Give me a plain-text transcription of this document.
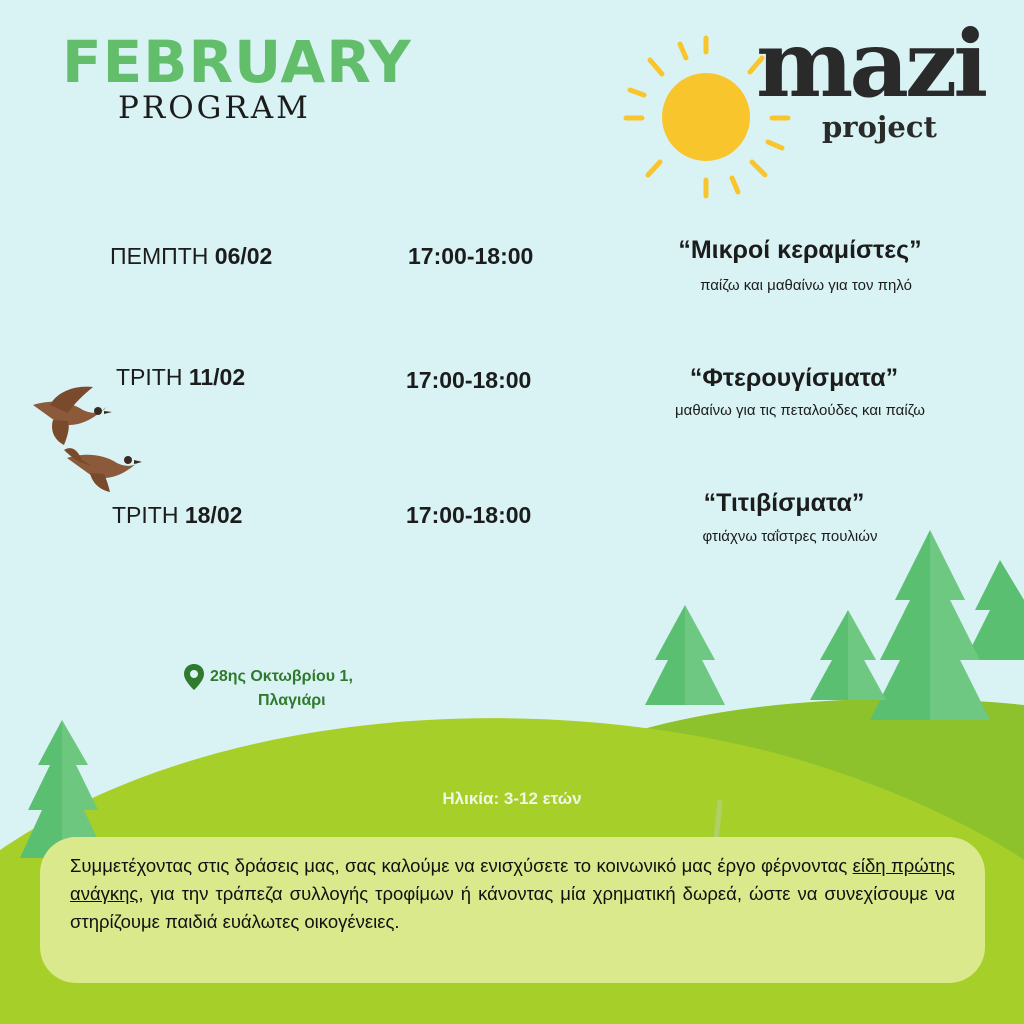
FEBRUARY
PROGRAM	mazi
project
ΠΕΜΠΤΗ 06/02	17:00-18:00	“Μικροί κεραμίστες”
παίζω και μαθαίνω για τον πηλό
ΤΡΙΤΗ 11/02	17:00-18:00	“Φτερουγίσματα”
μαθαίνω για τις πεταλούδες και παίζω
ΤΡΙΤΗ 18/02	17:00-18:00	“Τιτιβίσματα”
φτιάχνω ταΐστρες πουλιών
28ης Οκτωβρίου 1,
Πλαγιάρι
Ηλικία: 3-12 ετών
Συμμετέχοντας στις δράσεις μας, σας καλούμε να ενισχύσετε το κοινωνικό μας έργο φέρνοντας είδη πρώτης ανάγκης, για την τράπεζα συλλογής τροφίμων ή κάνοντας μία χρηματική δωρεά, ώστε να συνεχίσουμε να στηρίζουμε παιδιά ευάλωτες οικογένειες.
